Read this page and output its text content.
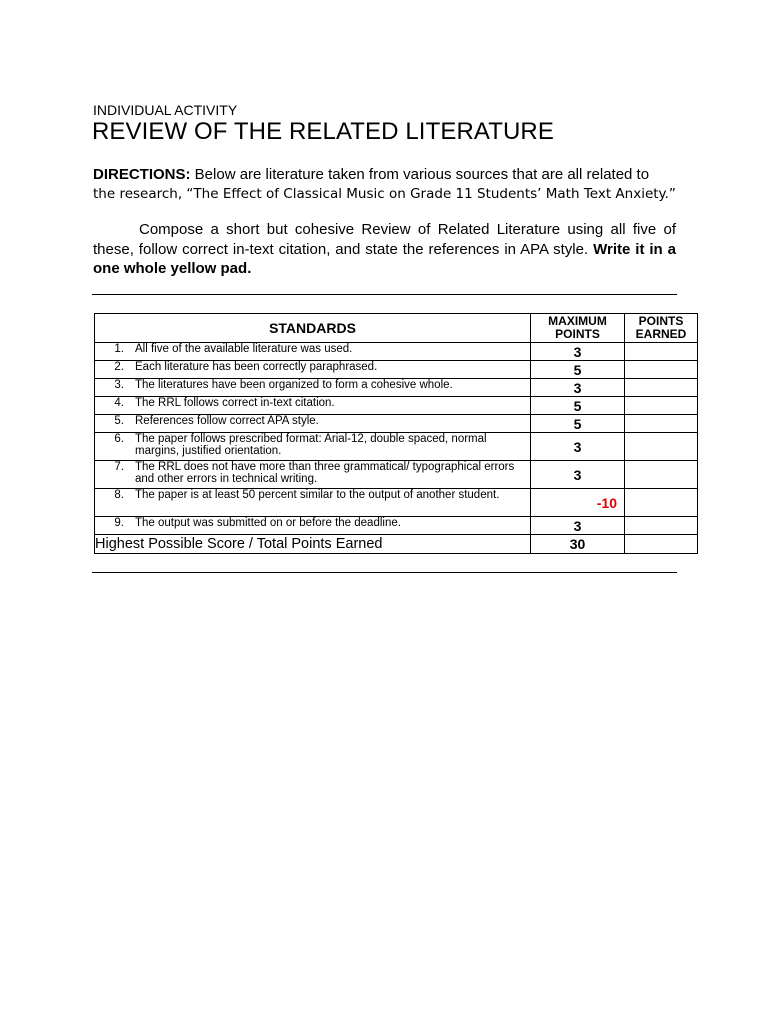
INDIVIDUAL ACTIVITY
REVIEW OF THE RELATED LITERATURE
DIRECTIONS: Below are literature taken from various sources that are all related to
the research, “The Effect of Classical Music on Grade 11 Students’ Math Text Anxiety.”
Compose a short but cohesive Review of Related Literature using all five of these, follow correct in-text citation, and state the references in APA style. Write it in a one whole yellow pad.
STANDARDS	MAXIMUM POINTS	POINTS EARNED

1. All five of the available literature was used.	3	

2. Each literature has been correctly paraphrased.	5	

3. The literatures have been organized to form a cohesive whole.	3	

4. The RRL follows correct in-text citation.	5	

5. References follow correct APA style.	5	

6. The paper follows prescribed format: Arial-12, double spaced, normal margins, justified orientation.	3	

7. The RRL does not have more than three grammatical/ typographical errors and other errors in technical writing.	3	

8. The paper is at least 50 percent similar to the output of another student.	-10	

9. The output was submitted on or before the deadline.	3	
Highest Possible Score / Total Points Earned	30	
